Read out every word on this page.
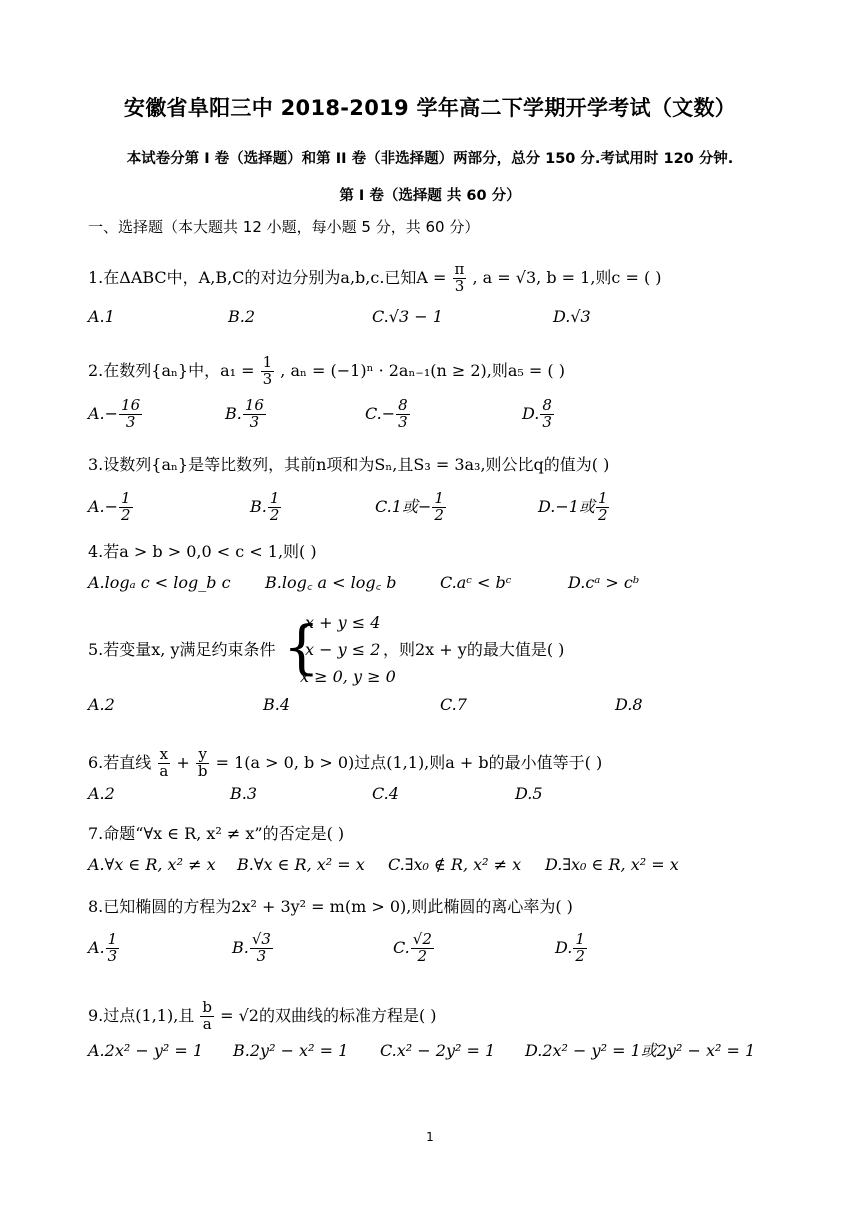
安徽省阜阳三中 2018-2019 学年高二下学期开学考试（文数）
本试卷分第 I 卷（选择题）和第 II 卷（非选择题）两部分，总分 150 分.考试用时 120 分钟.
第 I 卷（选择题 共 60 分）
一、选择题（本大题共 12 小题，每小题 5 分，共 60 分）
1.在ΔABC中，A,B,C的对边分别为a,b,c.已知$A = \frac{\pi}{3}$ , a = √3, b = 1,则c = ( )
A.1	B.2	C.√3 − 1	D.√3
2.在数列{aₙ}中，$a_1 = \frac{1}{3}$ , aₙ = (−1)ⁿ · 2aₙ₋₁(n ≥ 2),则a₅ = ( )
$A.- \frac{16}{3}$	B. $\frac{16}{3}$	$C.- \frac{8}{3}$	D. $\frac{8}{3}$
3.设数列{aₙ}是等比数列，其前n项和为Sₙ,且S₃ = 3a₃,则公比q的值为( )
$A.- \frac{1}{2}$	B. $\frac{1}{2}$	C.1或− $\frac{1}{2}$	D.−1或 $\frac{1}{2}$
4.若a > b > 0,0 < c < 1,则( )
A.logₐ c < log_b c B.log꜀ a < log꜀ b	C.aᶜ < bᶜ	D.cᵃ > cᵇ
5.若变量x, y满足约束条件 {
x + y ≤ 4
x − y ≤ 2
x ≥ 0, y ≥ 0
，则2x + y的最大值是( )
A.2	B.4	C.7	D.8
6.若直线 $\frac{x}{a} + \frac{y}{b} = 1(a > 0$, b > 0)过点(1,1),则a + b的最小值等于( )
A.2	B.3	C.4	D.5
7.命题“∀x ∈ R, x² ≠ x”的否定是( )
A.∀x ∈ R, x² ≠ x B.∀x ∈ R, x² = x C.∃x₀ ∉ R, x² ≠ x D.∃x₀ ∈ R, x² = x
8.已知椭圆的方程为2x² + 3y² = m(m > 0),则此椭圆的离心率为( )
A. $\frac{1}{3}$	B. $\frac{√3}{3}$	C. $\frac{√2}{2}$	D. $\frac{1}{2}$
9.过点(1,1),且 $\frac{b}{a} = √2$的双曲线的标准方程是( )
A.2x² − y² = 1 B.2y² − x² = 1 C.x² − 2y² = 1 D.2x² − y² = 1或2y² − x² = 1
1
